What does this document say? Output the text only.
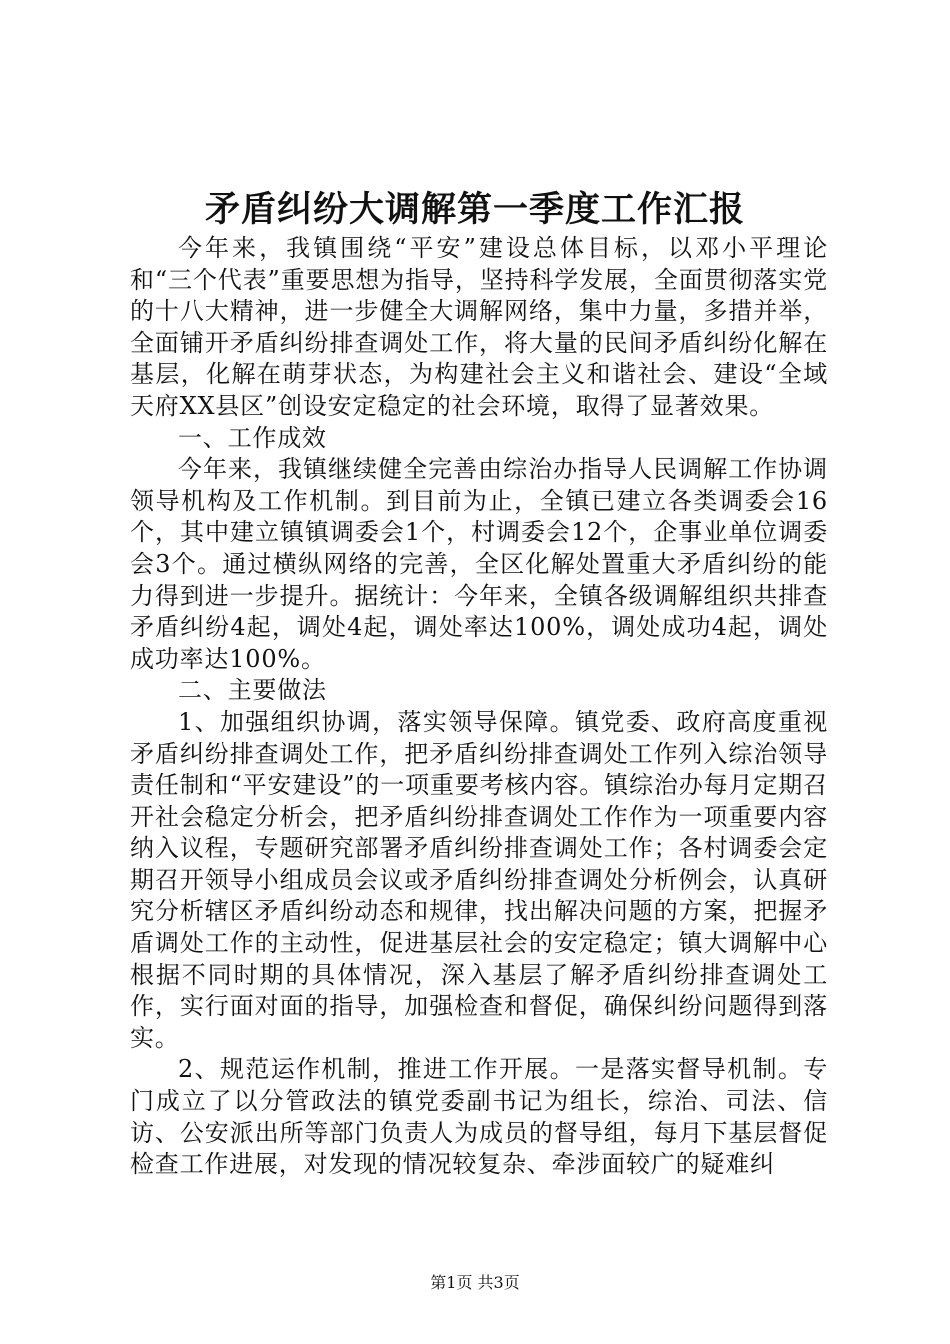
矛盾纠纷大调解第一季度工作汇报

今年来，我镇围绕“平安”建设总体目标，以邓小平理论和“三个代表”重要思想为指导，坚持科学发展，全面贯彻落实党的十八大精神，进一步健全大调解网络，集中力量，多措并举，全面铺开矛盾纠纷排查调处工作，将大量的民间矛盾纠纷化解在基层，化解在萌芽状态，为构建社会主义和谐社会、建设“全域天府XX县区”创设安定稳定的社会环境，取得了显著效果。

一、工作成效

今年来，我镇继续健全完善由综治办指导人民调解工作协调领导机构及工作机制。到目前为止，全镇已建立各类调委会16个，其中建立镇镇调委会1个，村调委会12个，企事业单位调委会3个。通过横纵网络的完善，全区化解处置重大矛盾纠纷的能力得到进一步提升。据统计：今年来，全镇各级调解组织共排查矛盾纠纷4起，调处4起，调处率达100%，调处成功4起，调处成功率达100%。

二、主要做法

1、加强组织协调，落实领导保障。镇党委、政府高度重视矛盾纠纷排查调处工作，把矛盾纠纷排查调处工作列入综治领导责任制和“平安建设”的一项重要考核内容。镇综治办每月定期召开社会稳定分析会，把矛盾纠纷排查调处工作作为一项重要内容纳入议程，专题研究部署矛盾纠纷排查调处工作；各村调委会定期召开领导小组成员会议或矛盾纠纷排查调处分析例会，认真研究分析辖区矛盾纠纷动态和规律，找出解决问题的方案，把握矛盾调处工作的主动性，促进基层社会的安定稳定；镇大调解中心根据不同时期的具体情况，深入基层了解矛盾纠纷排查调处工作，实行面对面的指导，加强检查和督促，确保纠纷问题得到落实。

2、规范运作机制，推进工作开展。一是落实督导机制。专门成立了以分管政法的镇党委副书记为组长，综治、司法、信访、公安派出所等部门负责人为成员的督导组，每月下基层督促检查工作进展，对发现的情况较复杂、牵涉面较广的疑难纠

第1页 共3页
